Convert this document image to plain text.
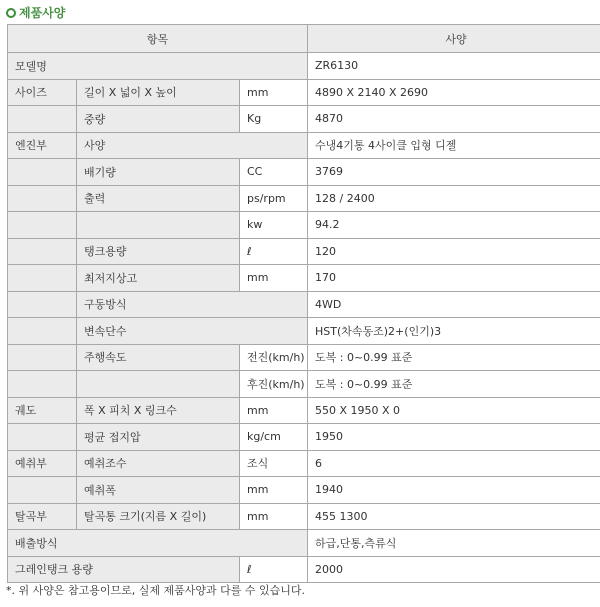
제품사양
항목			사양
모델명			ZR6130
사이즈	길이 X 넓이 X 높이	mm	4890 X 2140 X 2690
	중량	Kg	4870
엔진부	사양		수냉4기통 4사이클 입형 디젤
	배기량	CC	3769
	출력	ps/rpm	128 / 2400
		kw	94.2
	탱크용량	ℓ	120
	최저지상고	mm	170
	구동방식		4WD
	변속단수		HST(차속동조)2+(인기)3
	주행속도	전진(km/h)	도복 : 0~0.99 표준
		후진(km/h)	도복 : 0~0.99 표준
궤도	폭 X 피치 X 링크수	mm	550 X 1950 X 0
	평균 접지압	kg/cm	1950
예취부	예취조수	조식	6
	예취폭	mm	1940
탈곡부	탈곡통 크기(지름 X 길이)	mm	455 1300
배출방식			하급,단통,측류식
그레인탱크 용량		ℓ	2000
*. 위 사양은 참고용이므로, 실제 제품사양과 다를 수 있습니다.
